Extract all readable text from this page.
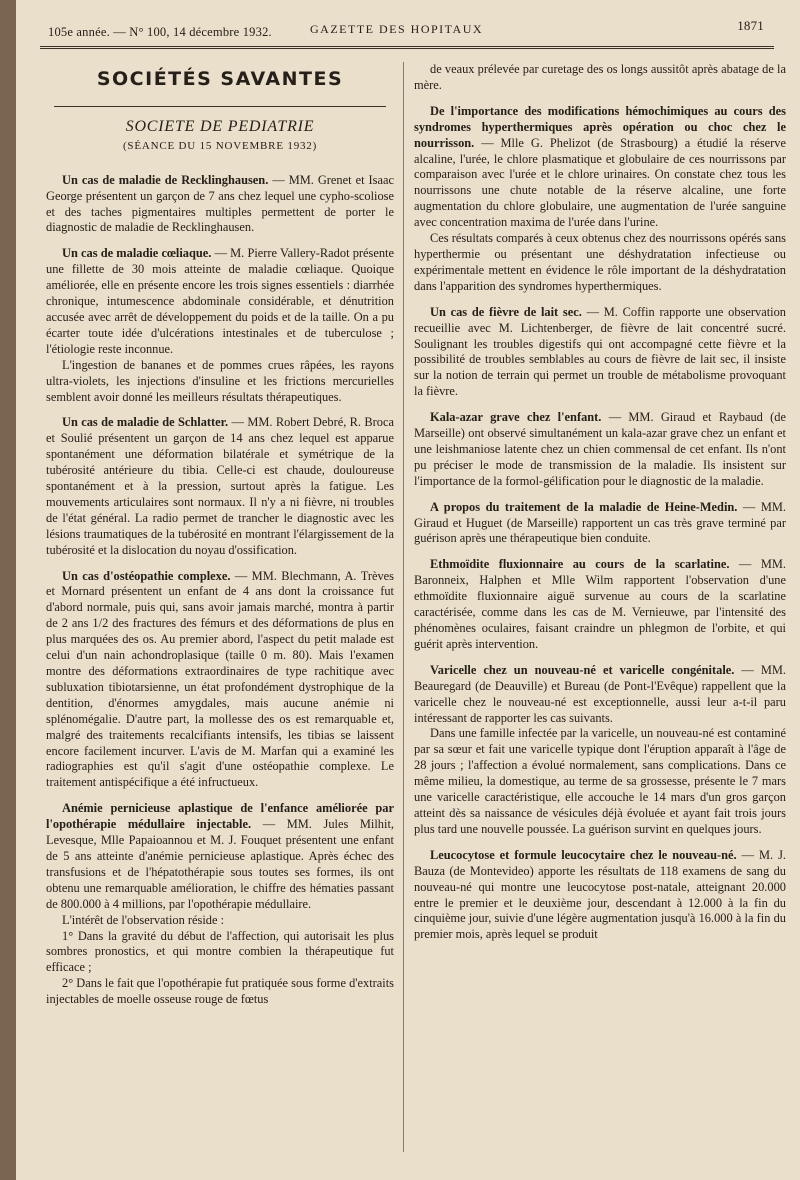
105e année. — N° 100, 14 décembre 1932.	GAZETTE DES HOPITAUX	1871
SOCIÉTÉS SAVANTES
SOCIETE DE PEDIATRIE
(SÉANCE DU 15 NOVEMBRE 1932)

Un cas de maladie de Recklinghausen. — MM. Grenet et Isaac George présentent un garçon de 7 ans chez lequel une cypho-scoliose et des taches pigmentaires multiples permettent de porter le diagnostic de maladie de Recklinghausen.

Un cas de maladie cœliaque. — M. Pierre Vallery-Radot présente une fillette de 30 mois atteinte de maladie cœliaque. Quoique améliorée, elle en présente encore les trois signes essentiels : diarrhée chronique, intumescence abdominale considérable, et dénutrition accusée avec arrêt de développement du poids et de la taille. On a pu écarter toute idée d'ulcérations intestinales et de tuberculose ; l'étiologie reste inconnue.

L'ingestion de bananes et de pommes crues râpées, les rayons ultra-violets, les injections d'insuline et les frictions mercurielles semblent avoir donné les meilleurs résultats thérapeutiques.

Un cas de maladie de Schlatter. — MM. Robert Debré, R. Broca et Soulié présentent un garçon de 14 ans chez lequel est apparue spontanément une déformation bilatérale et symétrique de la tubérosité antérieure du tibia. Celle-ci est chaude, douloureuse spontanément et à la pression, surtout après la fatigue. Les mouvements articulaires sont normaux. Il n'y a ni fièvre, ni troubles de l'état général. La radio permet de trancher le diagnostic avec les lésions traumatiques de la tubérosité en montrant l'élargissement de la tubérosité et la dislocation du noyau d'ossification.

Un cas d'ostéopathie complexe. — MM. Blechmann, A. Trèves et Mornard présentent un enfant de 4 ans dont la croissance fut d'abord normale, puis qui, sans avoir jamais marché, montra à partir de 2 ans 1/2 des fractures des fémurs et des déformations de plus en plus marquées des os. Au premier abord, l'aspect du petit malade est celui d'un nain achondroplasique (taille 0 m. 80). Mais l'examen montre des déformations extraordinaires de type rachitique avec subluxation tibiotarsienne, un état profondément dystrophique de la dentition, d'énormes amygdales, mais aucune anémie ni splénomégalie. D'autre part, la mollesse des os est remarquable et, malgré des traitements recalcifiants intensifs, les tibias se laissent encore facilement incurver. L'avis de M. Marfan qui a examiné les radiographies est qu'il s'agit d'une ostéopathie complexe. Le traitement antispécifique a été infructueux.

Anémie pernicieuse aplastique de l'enfance améliorée par l'opothérapie médullaire injectable. — MM. Jules Milhit, Levesque, Mlle Papaioannou et M. J. Fouquet présentent une enfant de 5 ans atteinte d'anémie pernicieuse aplastique. Après échec des transfusions et de l'hépatothérapie sous toutes ses formes, ils ont obtenu une remarquable amélioration, le chiffre des hématies passant de 800.000 à 4 millions, par l'opothérapie médullaire.

L'intérêt de l'observation réside :

1° Dans la gravité du début de l'affection, qui autorisait les plus sombres pronostics, et qui montre combien la thérapeutique fut efficace ;

2° Dans le fait que l'opothérapie fut pratiquée sous forme d'extraits injectables de moelle osseuse rouge de fœtus

de veaux prélevée par curetage des os longs aussitôt après abatage de la mère.

De l'importance des modifications hémochimiques au cours des syndromes hyperthermiques après opération ou choc chez le nourrisson. — Mlle G. Phelizot (de Strasbourg) a étudié la réserve alcaline, l'urée, le chlore plasmatique et globulaire de ces nourrissons par comparaison avec l'urée et le chlore urinaires. On constate chez tous les nourrissons une chute notable de la réserve alcaline, une forte augmentation du chlore globulaire, une augmentation de l'urée sanguine avec concentration maxima de l'urée dans l'urine.

Ces résultats comparés à ceux obtenus chez des nourrissons opérés sans hyperthermie ou présentant une déshydratation infectieuse ou expérimentale mettent en évidence le rôle important de la déshydratation dans l'apparition des syndromes hyperthermiques.

Un cas de fièvre de lait sec. — M. Coffin rapporte une observation recueillie avec M. Lichtenberger, de fièvre de lait concentré sucré. Soulignant les troubles digestifs qui ont accompagné cette fièvre et la possibilité de troubles semblables au cours de fièvre de lait sec, il insiste sur la notion de terrain qui permet un trouble de métabolisme provoquant la fièvre.

Kala-azar grave chez l'enfant. — MM. Giraud et Raybaud (de Marseille) ont observé simultanément un kala-azar grave chez un enfant et une leishmaniose latente chez un chien commensal de cet enfant. Ils n'ont pu préciser le mode de transmission de la maladie. Ils insistent sur l'importance de la formol-gélification pour le diagnostic de la maladie.

A propos du traitement de la maladie de Heine-Medin. — MM. Giraud et Huguet (de Marseille) rapportent un cas très grave terminé par guérison après une thérapeutique bien conduite.

Ethmoïdite fluxionnaire au cours de la scarlatine. — MM. Baronneix, Halphen et Mlle Wilm rapportent l'observation d'une ethmoïdite fluxionnaire aiguë survenue au cours de la scarlatine caractérisée, comme dans les cas de M. Vernieuwe, par l'intensité des phénomènes oculaires, faisant craindre un phlegmon de l'orbite, et qui guérit après intervention.

Varicelle chez un nouveau-né et varicelle congénitale. — MM. Beauregard (de Deauville) et Bureau (de Pont-l'Evêque) rappellent que la varicelle chez le nouveau-né est exceptionnelle, aussi leur a-t-il paru intéressant de rapporter les cas suivants.

Dans une famille infectée par la varicelle, un nouveau-né est contaminé par sa sœur et fait une varicelle typique dont l'éruption apparaît à l'âge de 28 jours ; l'affection a évolué normalement, sans complications. Dans ce même milieu, la domestique, au terme de sa grossesse, présente le 7 mars une varicelle caractéristique, elle accouche le 14 mars d'un gros garçon atteint dès sa naissance de vésicules déjà évoluée et ayant fait trois jours plus tard une nouvelle poussée. La guérison survint en quelques jours.

Leucocytose et formule leucocytaire chez le nouveau-né. — M. J. Bauza (de Montevideo) apporte les résultats de 118 examens de sang du nouveau-né qui montre une leucocytose post-natale, atteignant 20.000 entre le premier et le deuxième jour, descendant à 12.000 à la fin du cinquième jour, suivie d'une légère augmentation jusqu'à 16.000 à la fin du premier mois, après lequel se produit
